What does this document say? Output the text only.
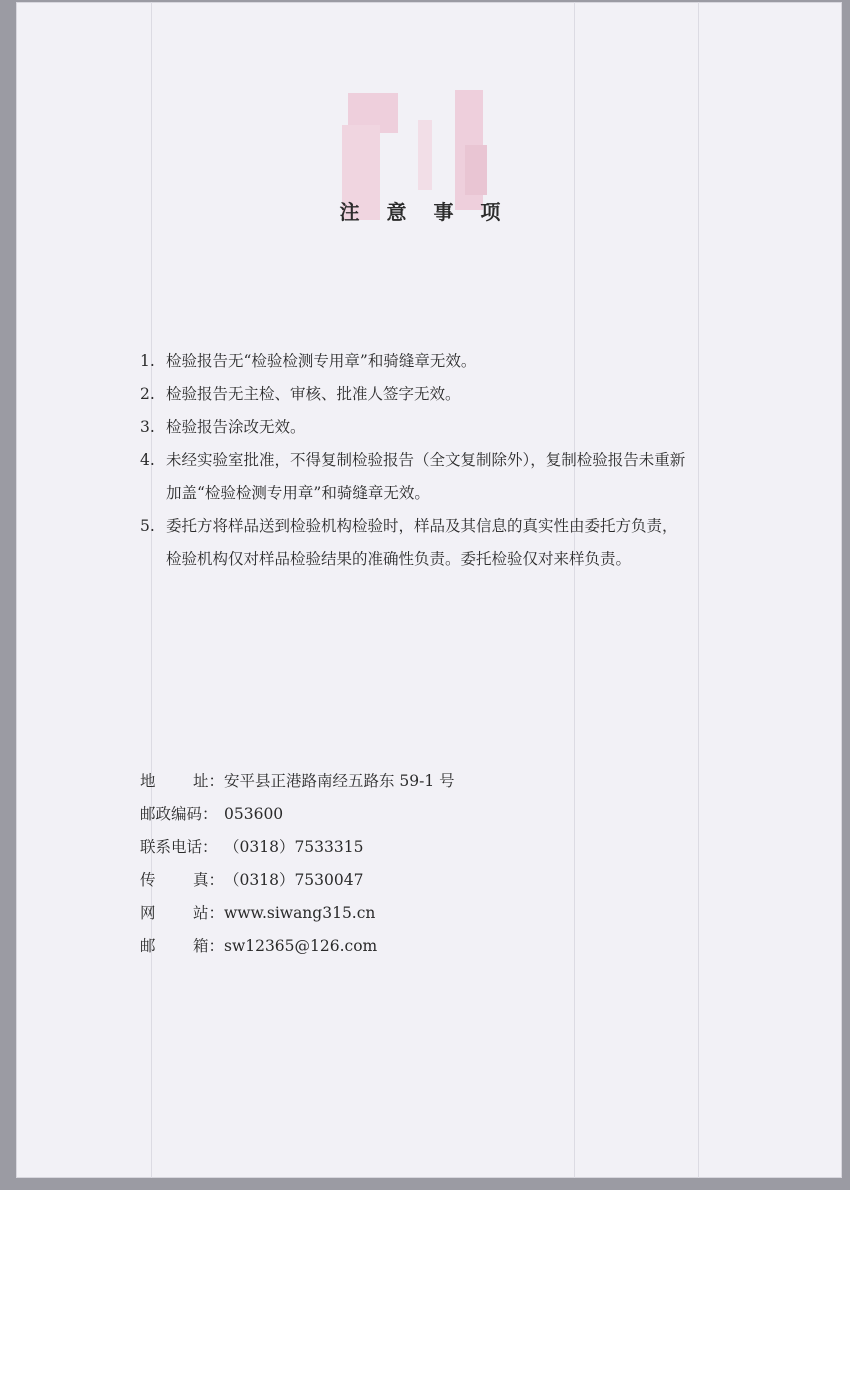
注 意 事 项
1. 检验报告无“检验检测专用章”和骑缝章无效。
2. 检验报告无主检、审核、批准人签字无效。
3. 检验报告涂改无效。
4. 未经实验室批准，不得复制检验报告（全文复制除外），复制检验报告未重新
加盖“检验检测专用章”和骑缝章无效。
5. 委托方将样品送到检验机构检验时，样品及其信息的真实性由委托方负责，
检验机构仅对样品检验结果的准确性负责。委托检验仅对来样负责。
地 址： 安平县正港路南经五路东 59-1 号
邮政编码： 053600
联系电话： （0318）7533315
传 真： （0318）7530047
网 站： www.siwang315.cn
邮 箱： sw12365@126.com
